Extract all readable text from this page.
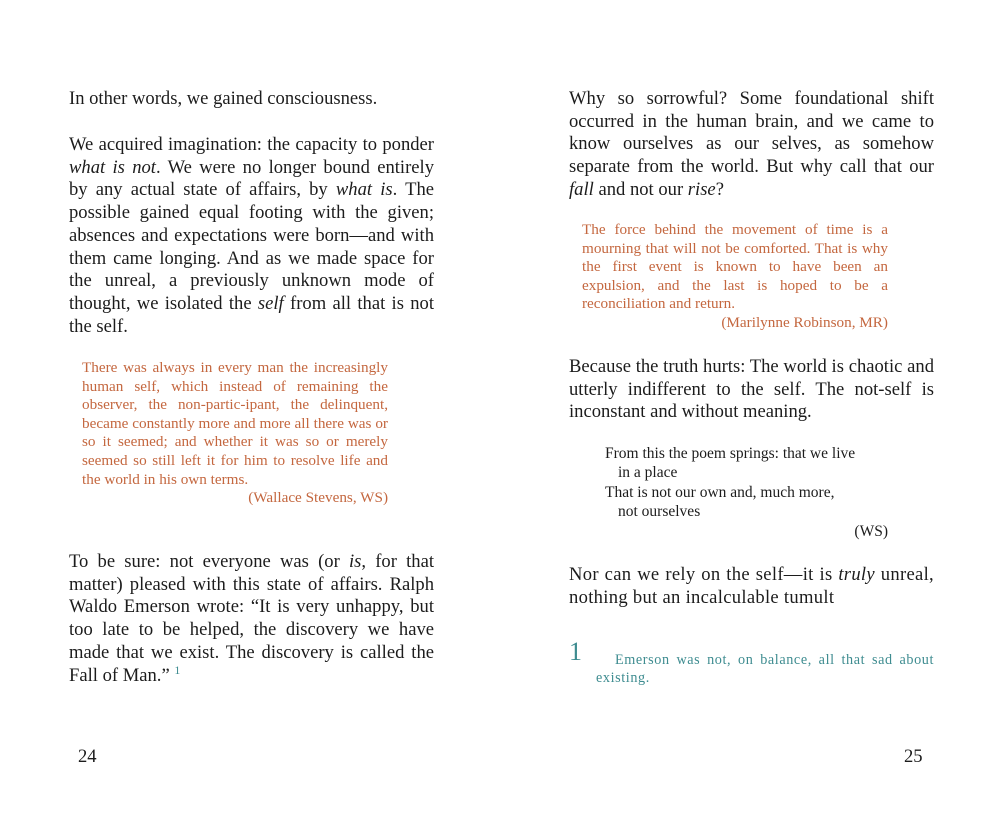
In other words, we gained consciousness.

We acquired imagination: the capacity to ponder what is not. We were no longer bound entirely by any actual state of affairs, by what is. The possible gained equal footing with the given; absences and expectations were born—and with them came longing. And as we made space for the unreal, a previously unknown mode of thought, we isolated the self from all that is not the self.

There was always in every man the increasingly human self, which instead of remaining the observer, the non-partic-ipant, the delinquent, became constantly more and more all there was or so it seemed; and whether it was so or merely seemed so still left it for him to resolve life and the world in his own terms.
(Wallace Stevens, WS)

To be sure: not everyone was (or is, for that matter) pleased with this state of affairs. Ralph Waldo Emerson wrote: “It is very unhappy, but too late to be helped, the discovery we have made that we exist. The discovery is called the Fall of Man.” $^1$

24

Why so sorrowful? Some foundational shift occurred in the human brain, and we came to know ourselves as our selves, as somehow separate from the world. But why call that our fall and not our rise?

The force behind the movement of time is a mourning that will not be comforted. That is why the first event is known to have been an expulsion, and the last is hoped to be a reconciliation and return.
(Marilynne Robinson, MR)

Because the truth hurts: The world is chaotic and utterly indifferent to the self. The not-self is inconstant and without meaning.

From this the poem springs: that we live
in a place
That is not our own and, much more,
not ourselves
(WS)

Nor can we rely on the self—it is truly unreal, nothing but an incalculable tumult

1	Emerson was not, on balance, all that sad about existing.
25
